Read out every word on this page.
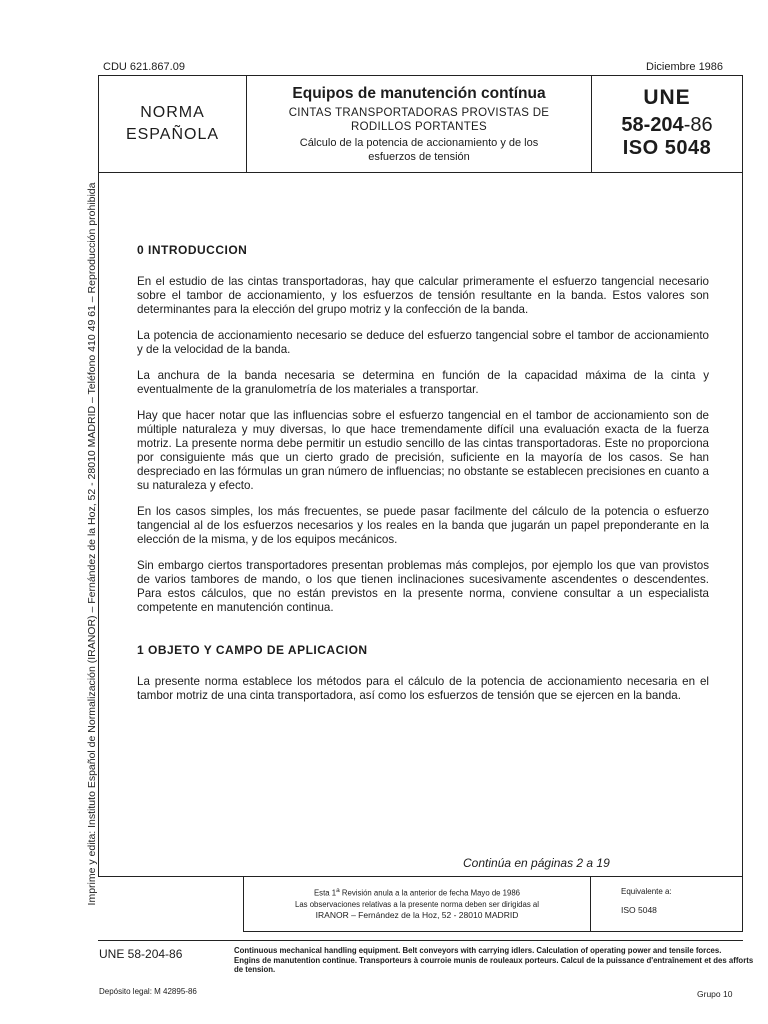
CDU 621.867.09	Diciembre 1986
Imprime y edita: Instituto Español de Normalización (IRANOR) – Fernández de la Hoz, 52 - 28010 MADRID – Teléfono 410 49 61 – Reproducción prohibida
NORMA
ESPAÑOLA
Equipos de manutención contínua
CINTAS TRANSPORTADORAS PROVISTAS DE
RODILLOS PORTANTES
Cálculo de la potencia de accionamiento y de los
esfuerzos de tensión
UNE
58-204-86
ISO 5048
0 INTRODUCCION

En el estudio de las cintas transportadoras, hay que calcular primeramente el esfuerzo tangencial necesario sobre el tambor de accionamiento, y los esfuerzos de tensión resultante en la banda. Estos valores son determinantes para la elección del grupo motriz y la confección de la banda.

La potencia de accionamiento necesario se deduce del esfuerzo tangencial sobre el tambor de accionamiento y de la velocidad de la banda.

La anchura de la banda necesaria se determina en función de la capacidad máxima de la cinta y eventualmente de la granulometría de los materiales a transportar.

Hay que hacer notar que las influencias sobre el esfuerzo tangencial en el tambor de accionamiento son de múltiple naturaleza y muy diversas, lo que hace tremendamente difícil una evaluación exacta de la fuerza motriz. La presente norma debe permitir un estudio sencillo de las cintas transportadoras. Este no proporciona por consiguiente más que un cierto grado de precisión, suficiente en la mayoría de los casos. Se han despreciado en las fórmulas un gran número de influencias; no obstante se establecen precisiones en cuanto a su naturaleza y efecto.

En los casos simples, los más frecuentes, se puede pasar facilmente del cálculo de la potencia o esfuerzo tangencial al de los esfuerzos necesarios y los reales en la banda que jugarán un papel preponderante en la elección de la misma, y de los equipos mecánicos.

Sin embargo ciertos transportadores presentan problemas más complejos, por ejemplo los que van provistos de varios tambores de mando, o los que tienen inclinaciones sucesivamente ascendentes o descendentes. Para estos cálculos, que no están previstos en la presente norma, conviene consultar a un especialista competente en manutención continua.

1 OBJETO Y CAMPO DE APLICACION

La presente norma establece los métodos para el cálculo de la potencia de accionamiento necesaria en el tambor motriz de una cinta transportadora, así como los esfuerzos de tensión que se ejercen en la banda.

Continúa en páginas 2 a 19
Esta 1$^a$ Revisión anula a la anterior de fecha Mayo de 1986
Las observaciones relativas a la presente norma deben ser dirigidas al
IRANOR – Fernández de la Hoz, 52 - 28010 MADRID
Equivalente a:
ISO 5048
UNE 58-204-86	Continuous mechanical handling equipment. Belt conveyors with carrying idlers. Calculation of operating power and tensile forces.
Engins de manutention continue. Transporteurs à courroie munis de rouleaux porteurs. Calcul de la puissance d'entraînement et des afforts de tension.
Depósito legal: M 42895-86	Grupo 10
